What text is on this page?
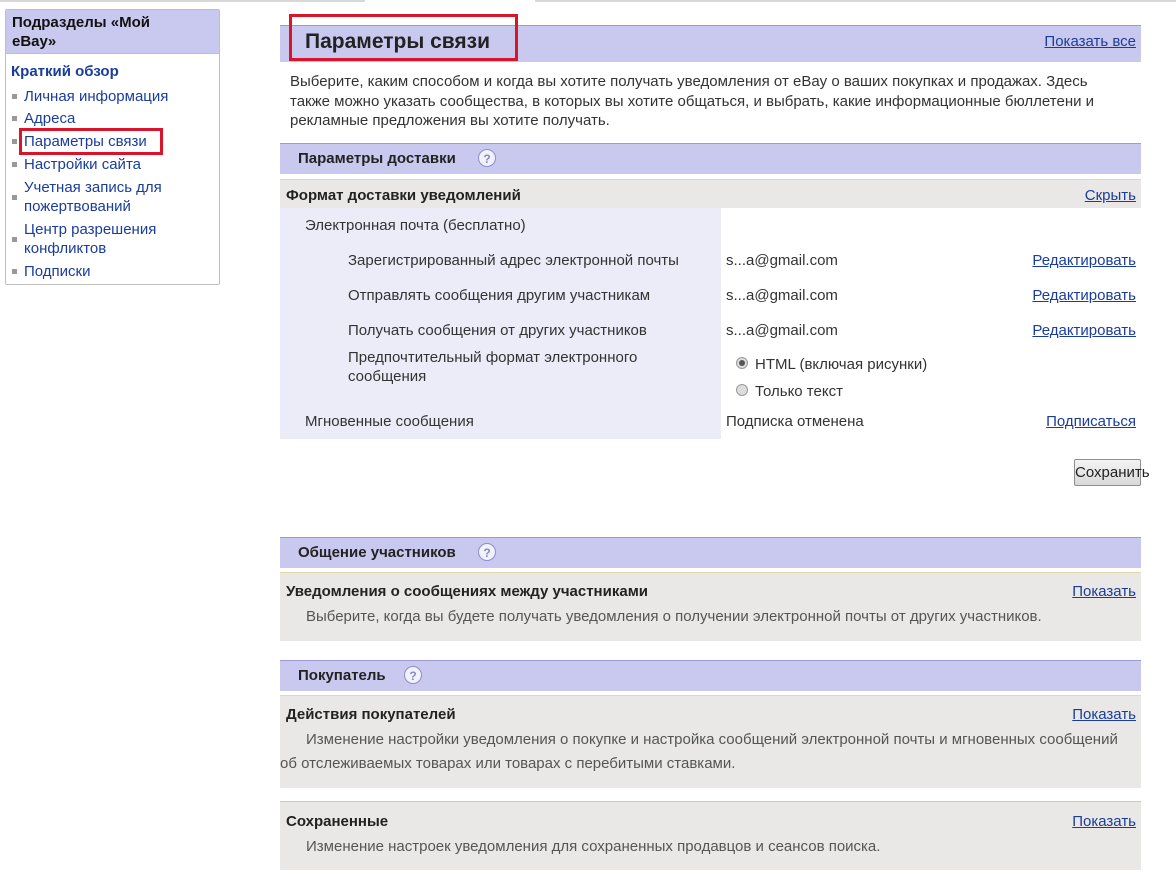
Подразделы «Мой
eBay»
Краткий обзор
Личная информация
Адреса
Параметры связи
Настройки сайта
Учетная запись для
пожертвований
Центр разрешения
конфликтов
Подписки
Параметры связи	Показать все
Выберите, каким способом и когда вы хотите получать уведомления от eBay о ваших покупках и продажах. Здесь
также можно указать сообщества, в которых вы хотите общаться, и выбрать, какие информационные бюллетени и
рекламные предложения вы хотите получать.
Параметры доставки	?
Формат доставки уведомлений	Скрыть
Электронная почта (бесплатно)
Зарегистрированный адрес электронной почты	s...a@gmail.com	Редактировать
Отправлять сообщения другим участникам	s...a@gmail.com	Редактировать
Получать сообщения от других участников	s...a@gmail.com	Редактировать
Предпочтительный формат электронного
сообщения
HTML (включая рисунки)
Только текст
Мгновенные сообщения	Подписка отменена	Подписаться
Сохранить
Общение участников	?
Уведомления о сообщениях между участниками	Показать
Выберите, когда вы будете получать уведомления о получении электронной почты от других участников.
Покупатель	?
Действия покупателей	Показать
Изменение настройки уведомления о покупке и настройка сообщений электронной почты и мгновенных сообщений
об отслеживаемых товарах или товарах с перебитыми ставками.
Сохраненные	Показать
Изменение настроек уведомления для сохраненных продавцов и сеансов поиска.
